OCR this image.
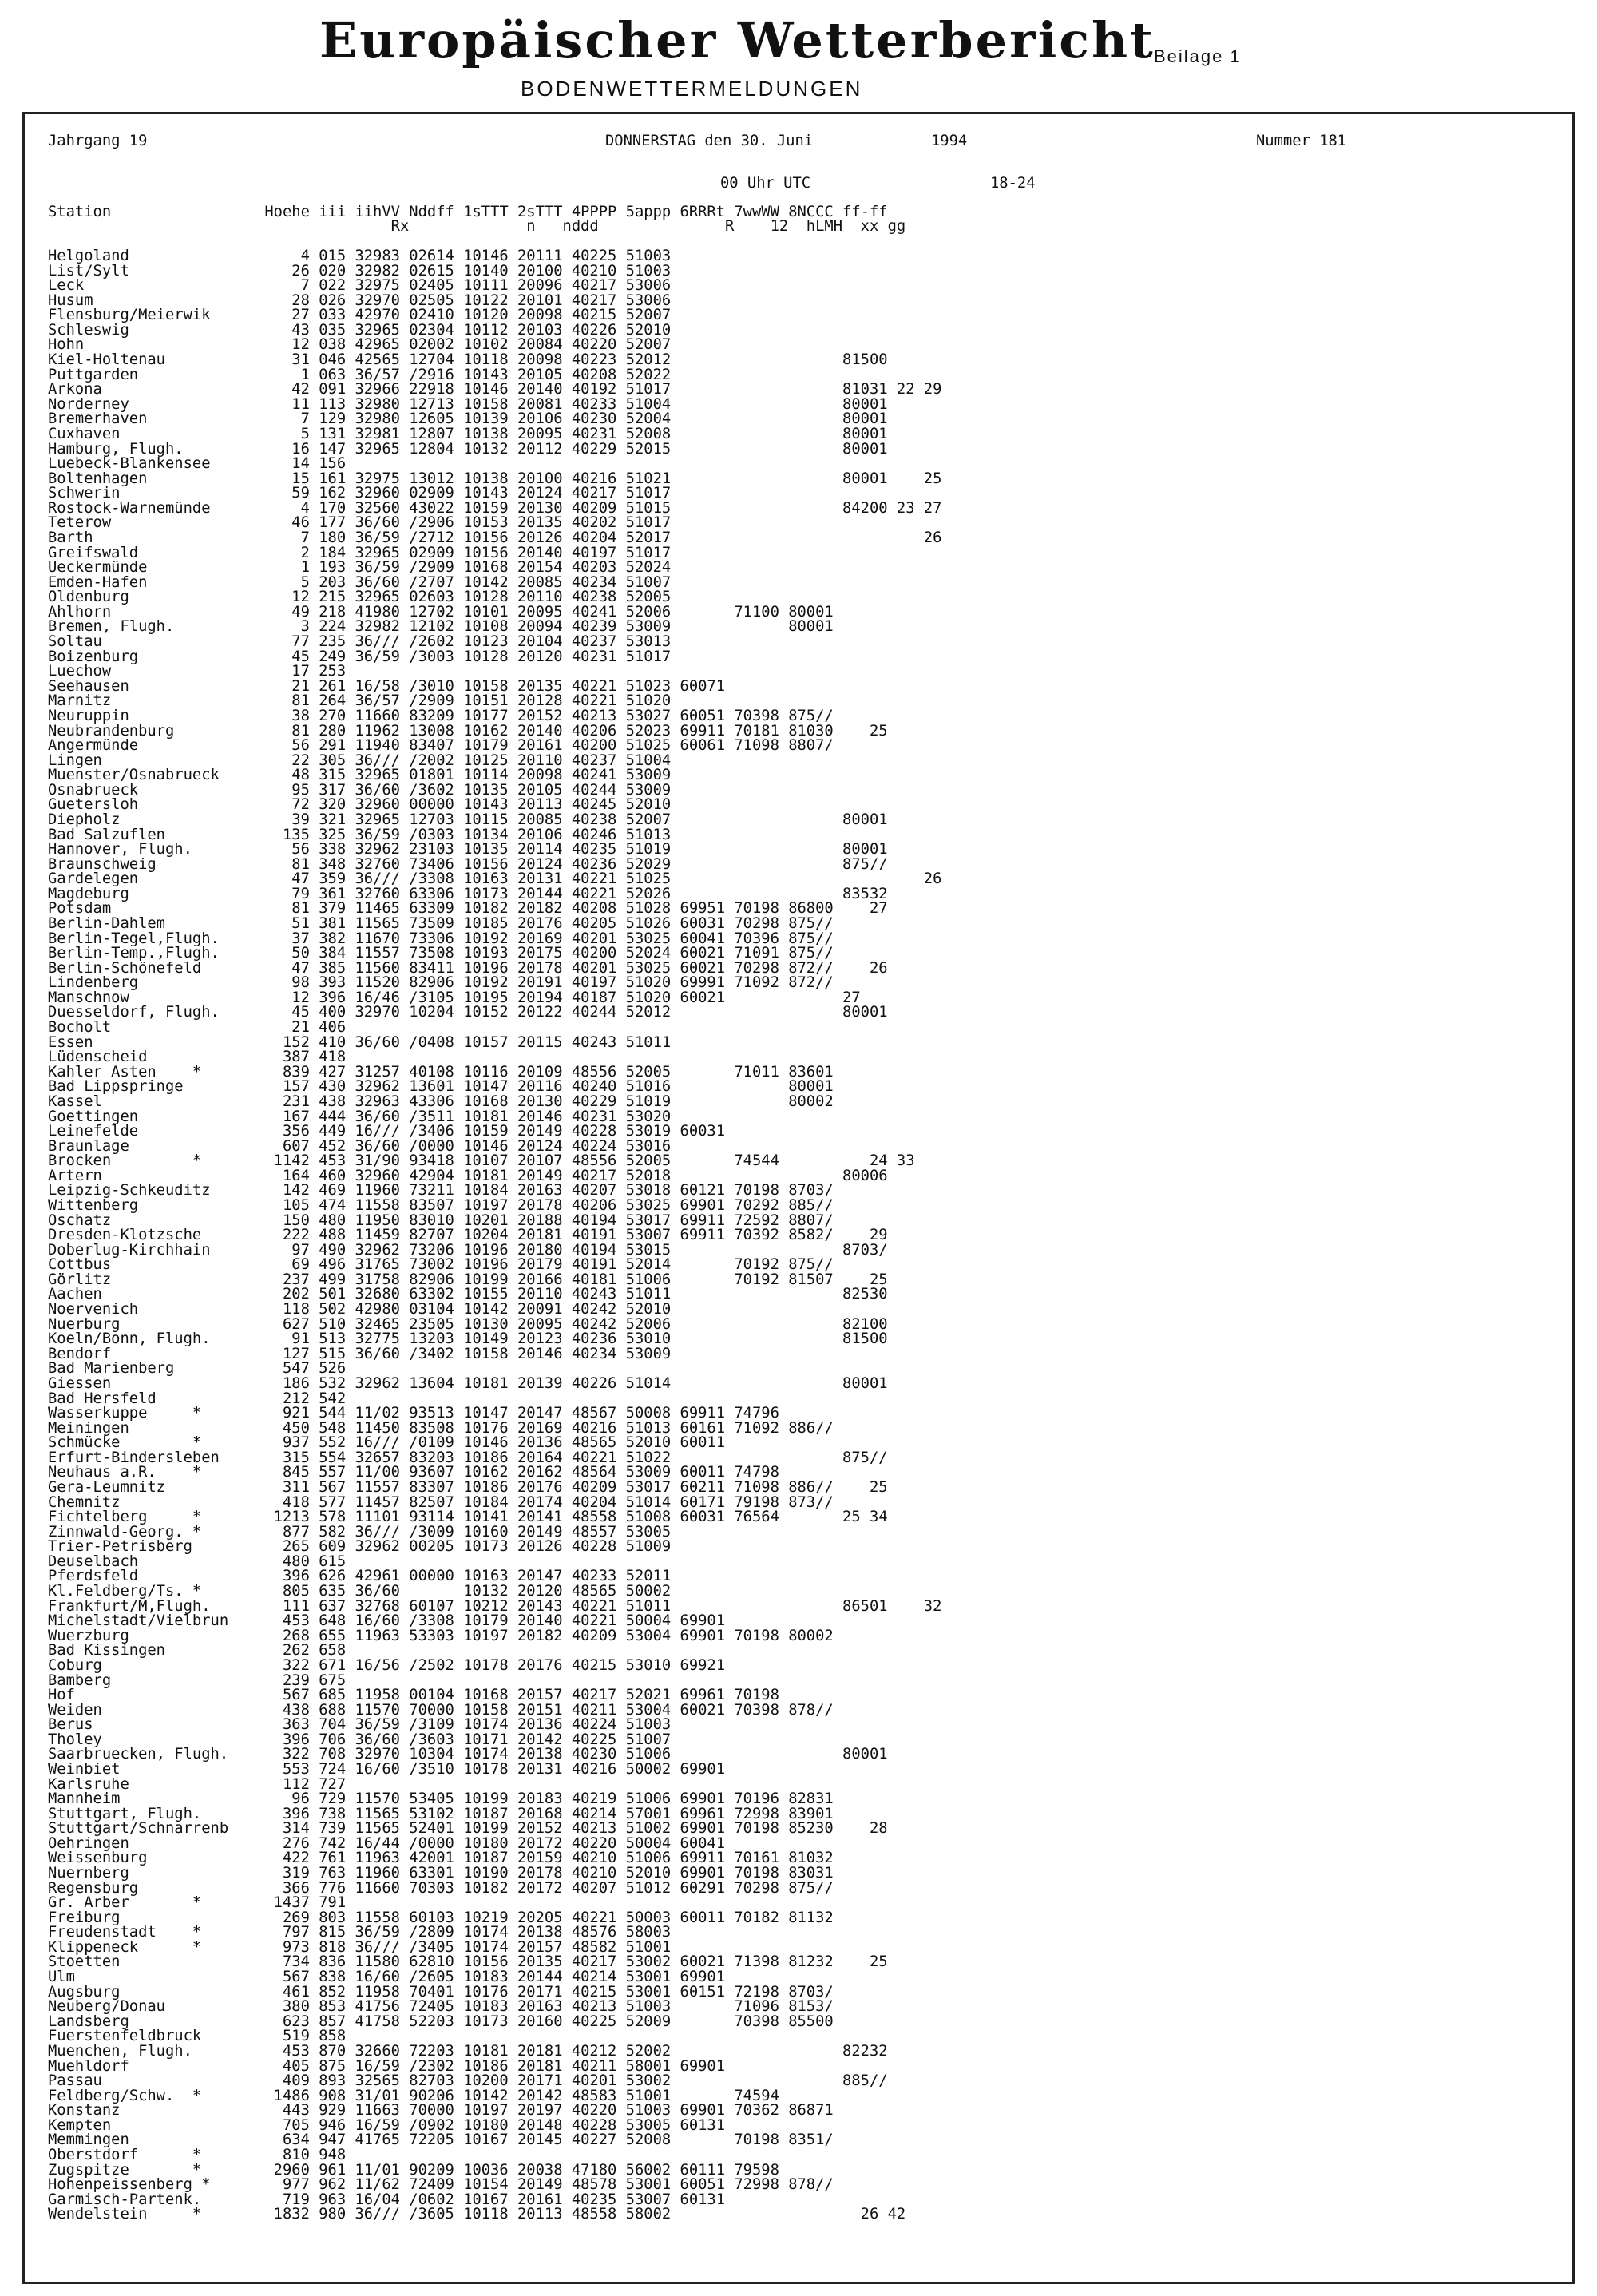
Europäischer Wetterbericht
Beilage 1
BODENWETTERMELDUNGEN
Jahrgang 19	DONNERSTAG den 30. Juni	1994	Nummer 181
00 Uhr UTC	18-24
Station                 Hoehe iii iihVV Nddff 1sTTT 2sTTT 4PPPP 5appp 6RRRt 7wwWW 8NCCC ff-ff
Rx             n   nddd              R    12  hLMH  xx gg
Helgoland                   4 015 32983 02614 10146 20111 40225 51003
List/Sylt                  26 020 32982 02615 10140 20100 40210 51003
Leck                        7 022 32975 02405 10111 20096 40217 53006
Husum                      28 026 32970 02505 10122 20101 40217 53006
Flensburg/Meierwik         27 033 42970 02410 10120 20098 40215 52007
Schleswig                  43 035 32965 02304 10112 20103 40226 52010
Hohn                       12 038 42965 02002 10102 20084 40220 52007
Kiel-Holtenau              31 046 42565 12704 10118 20098 40223 52012                   81500
Puttgarden                  1 063 36/57 /2916 10143 20105 40208 52022
Arkona                     42 091 32966 22918 10146 20140 40192 51017                   81031 22 29
Norderney                  11 113 32980 12713 10158 20081 40233 51004                   80001
Bremerhaven                 7 129 32980 12605 10139 20106 40230 52004                   80001
Cuxhaven                    5 131 32981 12807 10138 20095 40231 52008                   80001
Hamburg, Flugh.            16 147 32965 12804 10132 20112 40229 52015                   80001
Luebeck-Blankensee         14 156
Boltenhagen                15 161 32975 13012 10138 20100 40216 51021                   80001    25
Schwerin                   59 162 32960 02909 10143 20124 40217 51017
Rostock-Warnemünde          4 170 32560 43022 10159 20130 40209 51015                   84200 23 27
Teterow                    46 177 36/60 /2906 10153 20135 40202 51017
Barth                       7 180 36/59 /2712 10156 20126 40204 52017                            26
Greifswald                  2 184 32965 02909 10156 20140 40197 51017
Ueckermünde                 1 193 36/59 /2909 10168 20154 40203 52024
Emden-Hafen                 5 203 36/60 /2707 10142 20085 40234 51007
Oldenburg                  12 215 32965 02603 10128 20110 40238 52005
Ahlhorn                    49 218 41980 12702 10101 20095 40241 52006       71100 80001
Bremen, Flugh.              3 224 32982 12102 10108 20094 40239 53009             80001
Soltau                     77 235 36/// /2602 10123 20104 40237 53013
Boizenburg                 45 249 36/59 /3003 10128 20120 40231 51017
Luechow                    17 253
Seehausen                  21 261 16/58 /3010 10158 20135 40221 51023 60071
Marnitz                    81 264 36/57 /2909 10151 20128 40221 51020
Neuruppin                  38 270 11660 83209 10177 20152 40213 53027 60051 70398 875//
Neubrandenburg             81 280 11962 13008 10162 20140 40206 52023 69911 70181 81030    25
Angermünde                 56 291 11940 83407 10179 20161 40200 51025 60061 71098 8807/
Lingen                     22 305 36/// /2002 10125 20110 40237 51004
Muenster/Osnabrueck        48 315 32965 01801 10114 20098 40241 53009
Osnabrueck                 95 317 36/60 /3602 10135 20105 40244 53009
Guetersloh                 72 320 32960 00000 10143 20113 40245 52010
Diepholz                   39 321 32965 12703 10115 20085 40238 52007                   80001
Bad Salzuflen             135 325 36/59 /0303 10134 20106 40246 51013
Hannover, Flugh.           56 338 32962 23103 10135 20114 40235 51019                   80001
Braunschweig               81 348 32760 73406 10156 20124 40236 52029                   875//
Gardelegen                 47 359 36/// /3308 10163 20131 40221 51025                            26
Magdeburg                  79 361 32760 63306 10173 20144 40221 52026                   83532
Potsdam                    81 379 11465 63309 10182 20182 40208 51028 69951 70198 86800    27
Berlin-Dahlem              51 381 11565 73509 10185 20176 40205 51026 60031 70298 875//
Berlin-Tegel,Flugh.        37 382 11670 73306 10192 20169 40201 53025 60041 70396 875//
Berlin-Temp.,Flugh.        50 384 11557 73508 10193 20175 40200 52024 60021 71091 875//
Berlin-Schönefeld          47 385 11560 83411 10196 20178 40201 53025 60021 70298 872//    26
Lindenberg                 98 393 11520 82906 10192 20191 40197 51020 69991 71092 872//
Manschnow                  12 396 16/46 /3105 10195 20194 40187 51020 60021             27
Duesseldorf, Flugh.        45 400 32970 10204 10152 20122 40244 52012                   80001
Bocholt                    21 406
Essen                     152 410 36/60 /0408 10157 20115 40243 51011
Lüdenscheid               387 418
Kahler Asten    *         839 427 31257 40108 10116 20109 48556 52005       71011 83601
Bad Lippspringe           157 430 32962 13601 10147 20116 40240 51016             80001
Kassel                    231 438 32963 43306 10168 20130 40229 51019             80002
Goettingen                167 444 36/60 /3511 10181 20146 40231 53020
Leinefelde                356 449 16/// /3406 10159 20149 40228 53019 60031
Braunlage                 607 452 36/60 /0000 10146 20124 40224 53016
Brocken         *        1142 453 31/90 93418 10107 20107 48556 52005       74544          24 33
Artern                    164 460 32960 42904 10181 20149 40217 52018                   80006
Leipzig-Schkeuditz        142 469 11960 73211 10184 20163 40207 53018 60121 70198 8703/
Wittenberg                105 474 11558 83507 10197 20178 40206 53025 69901 70292 885//
Oschatz                   150 480 11950 83010 10201 20188 40194 53017 69911 72592 8807/
Dresden-Klotzsche         222 488 11459 82707 10204 20181 40191 53007 69911 70392 8582/    29
Doberlug-Kirchhain         97 490 32962 73206 10196 20180 40194 53015                   8703/
Cottbus                    69 496 31765 73002 10196 20179 40191 52014       70192 875//
Görlitz                   237 499 31758 82906 10199 20166 40181 51006       70192 81507    25
Aachen                    202 501 32680 63302 10155 20110 40243 51011                   82530
Noervenich                118 502 42980 03104 10142 20091 40242 52010
Nuerburg                  627 510 32465 23505 10130 20095 40242 52006                   82100
Koeln/Bonn, Flugh.         91 513 32775 13203 10149 20123 40236 53010                   81500
Bendorf                   127 515 36/60 /3402 10158 20146 40234 53009
Bad Marienberg            547 526
Giessen                   186 532 32962 13604 10181 20139 40226 51014                   80001
Bad Hersfeld              212 542
Wasserkuppe     *         921 544 11/02 93513 10147 20147 48567 50008 69911 74796
Meiningen                 450 548 11450 83508 10176 20169 40216 51013 60161 71092 886//
Schmücke        *         937 552 16/// /0109 10146 20136 48565 52010 60011
Erfurt-Bindersleben       315 554 32657 83203 10186 20164 40221 51022                   875//
Neuhaus a.R.    *         845 557 11/00 93607 10162 20162 48564 53009 60011 74798
Gera-Leumnitz             311 567 11557 83307 10186 20176 40209 53017 60211 71098 886//    25
Chemnitz                  418 577 11457 82507 10184 20174 40204 51014 60171 79198 873//
Fichtelberg     *        1213 578 11101 93114 10141 20141 48558 51008 60031 76564       25 34
Zinnwald-Georg. *         877 582 36/// /3009 10160 20149 48557 53005
Trier-Petrisberg          265 609 32962 00205 10173 20126 40228 51009
Deuselbach                480 615
Pferdsfeld                396 626 42961 00000 10163 20147 40233 52011
Kl.Feldberg/Ts. *         805 635 36/60       10132 20120 48565 50002
Frankfurt/M,Flugh.        111 637 32768 60107 10212 20143 40221 51011                   86501    32
Michelstadt/Vielbrun      453 648 16/60 /3308 10179 20140 40221 50004 69901
Wuerzburg                 268 655 11963 53303 10197 20182 40209 53004 69901 70198 80002
Bad Kissingen             262 658
Coburg                    322 671 16/56 /2502 10178 20176 40215 53010 69921
Bamberg                   239 675
Hof                       567 685 11958 00104 10168 20157 40217 52021 69961 70198
Weiden                    438 688 11570 70000 10158 20151 40211 53004 60021 70398 878//
Berus                     363 704 36/59 /3109 10174 20136 40224 51003
Tholey                    396 706 36/60 /3603 10171 20142 40225 51007
Saarbruecken, Flugh.      322 708 32970 10304 10174 20138 40230 51006                   80001
Weinbiet                  553 724 16/60 /3510 10178 20131 40216 50002 69901
Karlsruhe                 112 727
Mannheim                   96 729 11570 53405 10199 20183 40219 51006 69901 70196 82831
Stuttgart, Flugh.         396 738 11565 53102 10187 20168 40214 57001 69961 72998 83901
Stuttgart/Schnarrenb      314 739 11565 52401 10199 20152 40213 51002 69901 70198 85230    28
Oehringen                 276 742 16/44 /0000 10180 20172 40220 50004 60041
Weissenburg               422 761 11963 42001 10187 20159 40210 51006 69911 70161 81032
Nuernberg                 319 763 11960 63301 10190 20178 40210 52010 69901 70198 83031
Regensburg                366 776 11660 70303 10182 20172 40207 51012 60291 70298 875//
Gr. Arber       *        1437 791
Freiburg                  269 803 11558 60103 10219 20205 40221 50003 60011 70182 81132
Freudenstadt    *         797 815 36/59 /2809 10174 20138 48576 58003
Klippeneck      *         973 818 36/// /3405 10174 20157 48582 51001
Stoetten                  734 836 11580 62810 10156 20135 40217 53002 60021 71398 81232    25
Ulm                       567 838 16/60 /2605 10183 20144 40214 53001 69901
Augsburg                  461 852 11958 70401 10176 20171 40215 53001 60151 72198 8703/
Neuberg/Donau             380 853 41756 72405 10183 20163 40213 51003       71096 8153/
Landsberg                 623 857 41758 52203 10173 20160 40225 52009       70398 85500
Fuerstenfeldbruck         519 858
Muenchen, Flugh.          453 870 32660 72203 10181 20181 40212 52002                   82232
Muehldorf                 405 875 16/59 /2302 10186 20181 40211 58001 69901
Passau                    409 893 32565 82703 10200 20171 40201 53002                   885//
Feldberg/Schw.  *        1486 908 31/01 90206 10142 20142 48583 51001       74594
Konstanz                  443 929 11663 70000 10197 20197 40220 51003 69901 70362 86871
Kempten                   705 946 16/59 /0902 10180 20148 40228 53005 60131
Memmingen                 634 947 41765 72205 10167 20145 40227 52008       70198 8351/
Oberstdorf      *         810 948
Zugspitze       *        2960 961 11/01 90209 10036 20038 47180 56002 60111 79598
Hohenpeissenberg *        977 962 11/62 72409 10154 20149 48578 53001 60051 72998 878//
Garmisch-Partenk.         719 963 16/04 /0602 10167 20161 40235 53007 60131
Wendelstein     *        1832 980 36/// /3605 10118 20113 48558 58002                     26 42
